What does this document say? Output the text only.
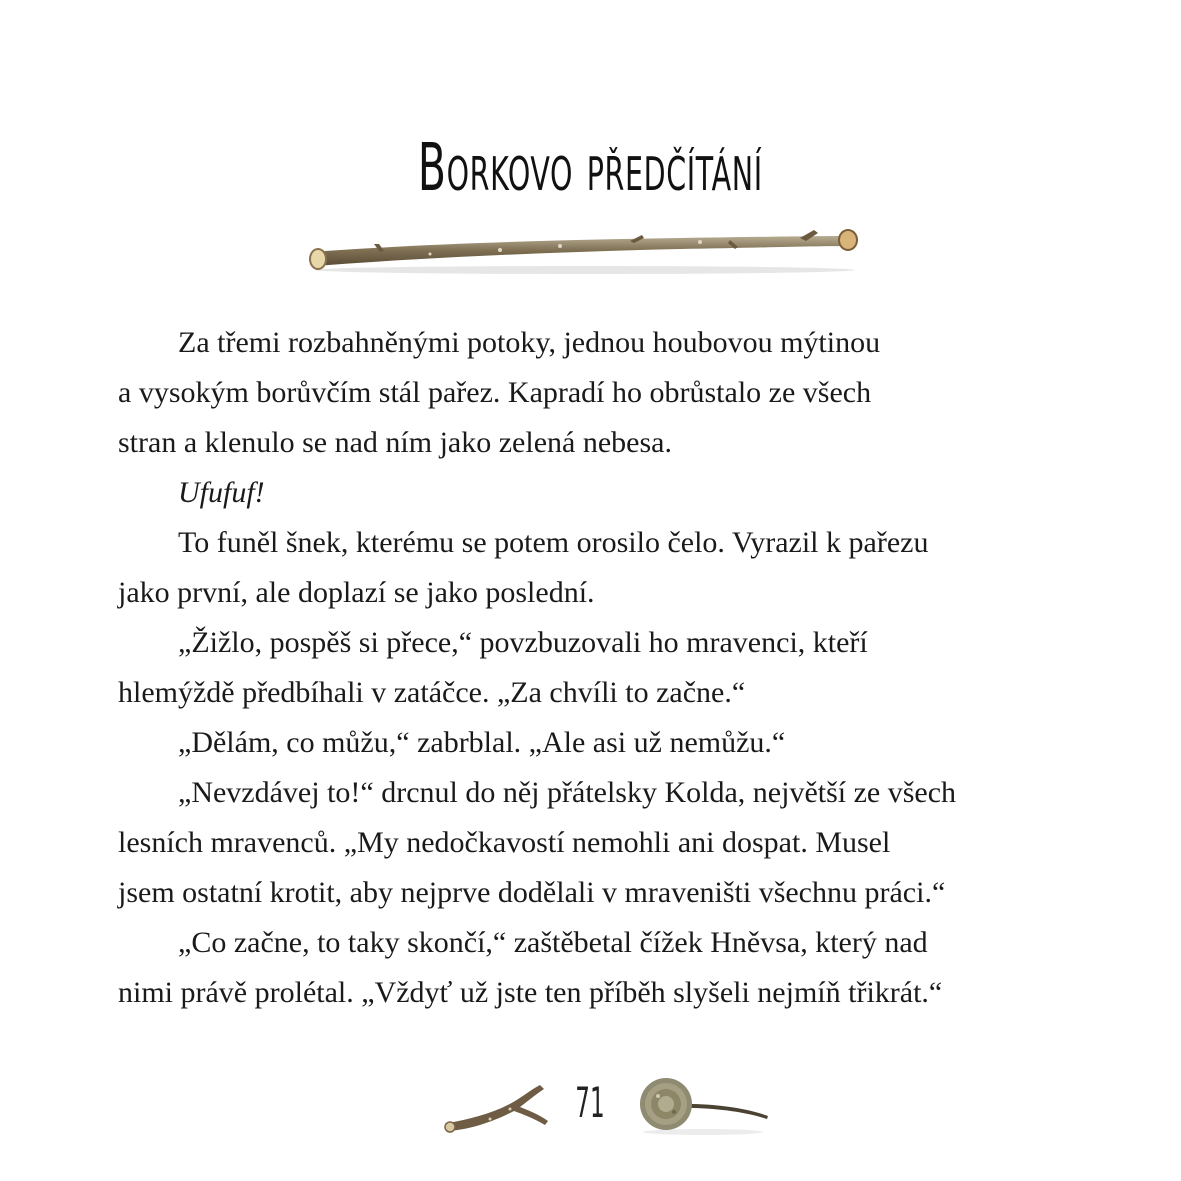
Borkovo předčítání

Za třemi rozbahněnými potoky, jednou houbovou mýtinou
a vysokým borůvčím stál pařez. Kapradí ho obrůstalo ze všech
stran a klenulo se nad ním jako zelená nebesa.

Ufufuf!

To funěl šnek, kterému se potem orosilo čelo. Vyrazil k pařezu
jako první, ale doplazí se jako poslední.

„Žižlo, pospěš si přece,“ povzbuzovali ho mravenci, kteří
hlemýždě předbíhali v zatáčce. „Za chvíli to začne.“

„Dělám, co můžu,“ zabrblal. „Ale asi už nemůžu.“

„Nevzdávej to!“ drcnul do něj přátelsky Kolda, největší ze všech
lesních mravenců. „My nedočkavostí nemohli ani dospat. Musel
jsem ostatní krotit, aby nejprve dodělali v mraveništi všechnu práci.“

„Co začne, to taky skončí,“ zaštěbetal čížek Hněvsa, který nad
nimi právě prolétal. „Vždyť už jste ten příběh slyšeli nejmíň třikrát.“

71
